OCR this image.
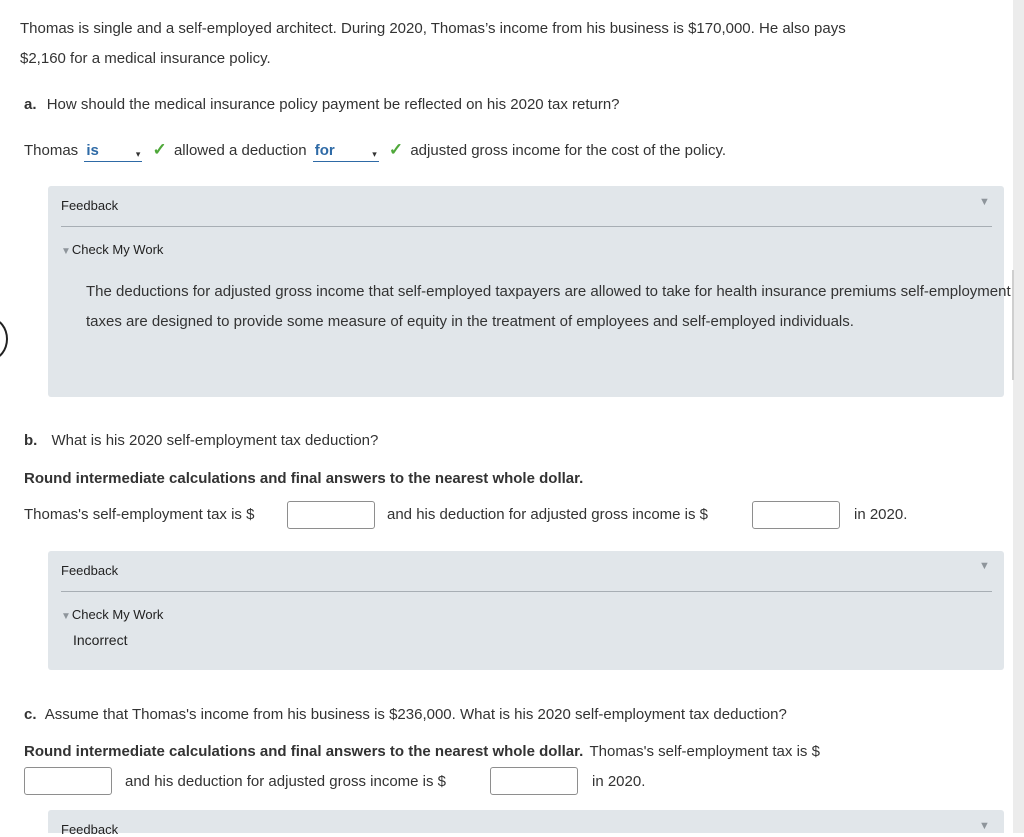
Thomas is single and a self-employed architect. During 2020, Thomas’s income from his business is $170,000. He also pays
$2,160 for a medical insurance policy.
a. How should the medical insurance policy payment be reflected on his 2020 tax return?
Thomas is	▾ ✓ allowed a deduction for	▾ ✓ adjusted gross income for the cost of the policy.
Feedback	▼
▼Check My Work
The deductions for adjusted gross income that self-employed taxpayers are allowed to take for health insurance premiums self-employment taxes are designed to provide some measure of equity in the treatment of employees and self-employed individuals.
b. What is his 2020 self-employment tax deduction?
Round intermediate calculations and final answers to the nearest whole dollar.
Thomas's self-employment tax is $	and his deduction for adjusted gross income is $	in 2020.
Feedback	▼
▼Check My Work
Incorrect
c. Assume that Thomas's income from his business is $236,000. What is his 2020 self-employment tax deduction?
Round intermediate calculations and final answers to the nearest whole dollar. Thomas's self-employment tax is $
and his deduction for adjusted gross income is $	in 2020.
Feedback	▼
